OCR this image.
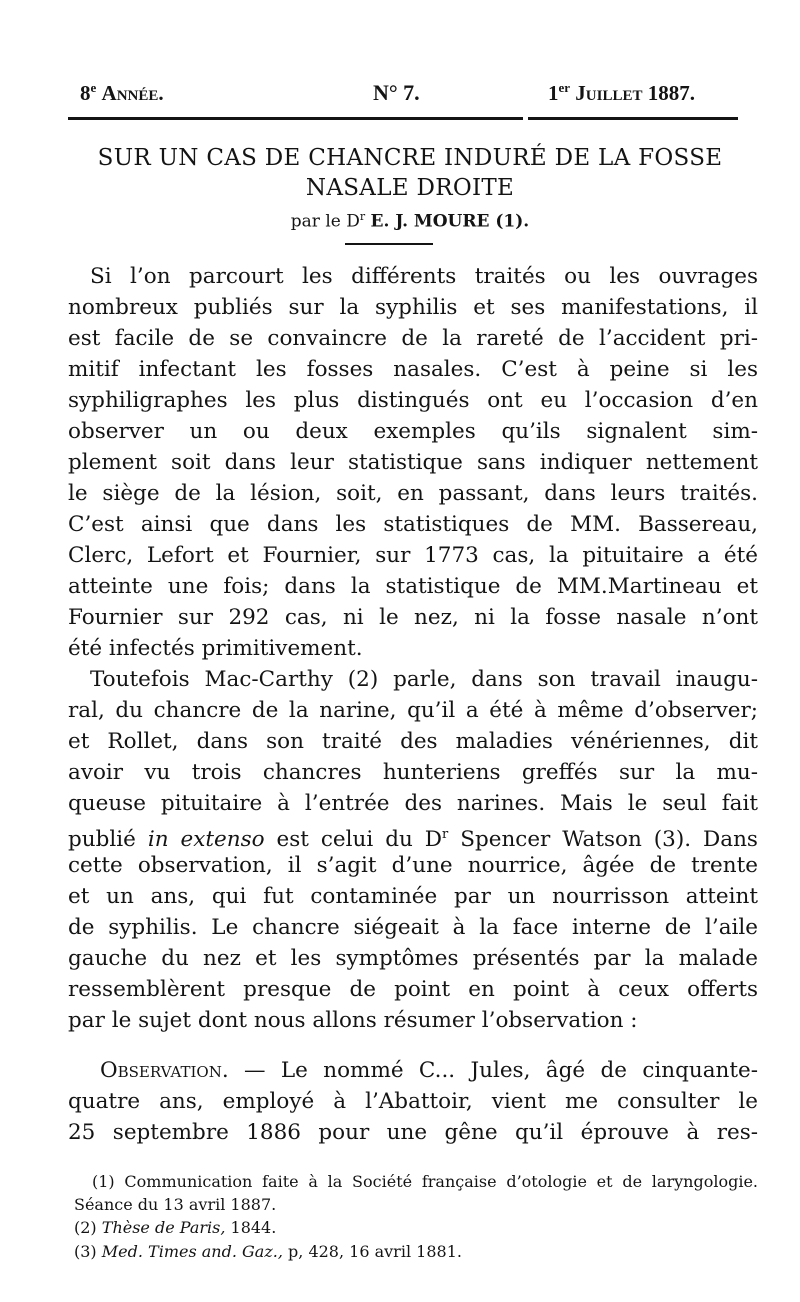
8e Année.	N° 7.	1er Juillet 1887.
SUR UN CAS DE CHANCRE INDURÉ DE LA FOSSE
NASALE DROITE
par le $D^r$ E. J. MOURE (1).
Si l’on parcourt les différents traités ou les ouvrages
nombreux publiés sur la syphilis et ses manifestations, il
est facile de se convaincre de la rareté de l’accident pri-
mitif infectant les fosses nasales. C’est à peine si les
syphiligraphes les plus distingués ont eu l’occasion d’en
observer un ou deux exemples qu’ils signalent sim-
plement soit dans leur statistique sans indiquer nettement
le siège de la lésion, soit, en passant, dans leurs traités.
C’est ainsi que dans les statistiques de MM. Bassereau,
Clerc, Lefort et Fournier, sur 1773 cas, la pituitaire a été
atteinte une fois; dans la statistique de MM.Martineau et
Fournier sur 292 cas, ni le nez, ni la fosse nasale n’ont
été infectés primitivement.
Toutefois Mac-Carthy (2) parle, dans son travail inaugu-
ral, du chancre de la narine, qu’il a été à même d’observer;
et Rollet, dans son traité des maladies vénériennes, dit
avoir vu trois chancres hunteriens greffés sur la mu-
queuse pituitaire à l’entrée des narines. Mais le seul fait
publié in extenso est celui du $D^r$ Spencer Watson (3). Dans
cette observation, il s’agit d’une nourrice, âgée de trente
et un ans, qui fut contaminée par un nourrisson atteint
de syphilis. Le chancre siégeait à la face interne de l’aile
gauche du nez et les symptômes présentés par la malade
ressemblèrent presque de point en point à ceux offerts
par le sujet dont nous allons résumer l’observation :
Observation. — Le nommé C... Jules, âgé de cinquante-
quatre ans, employé à l’Abattoir, vient me consulter le
25 septembre 1886 pour une gêne qu’il éprouve à res-
(1) Communication faite à la Société française d’otologie et de laryngologie.
Séance du 13 avril 1887.
(2) Thèse de Paris, 1844.
(3) Med. Times and. Gaz., p, 428, 16 avril 1881.
